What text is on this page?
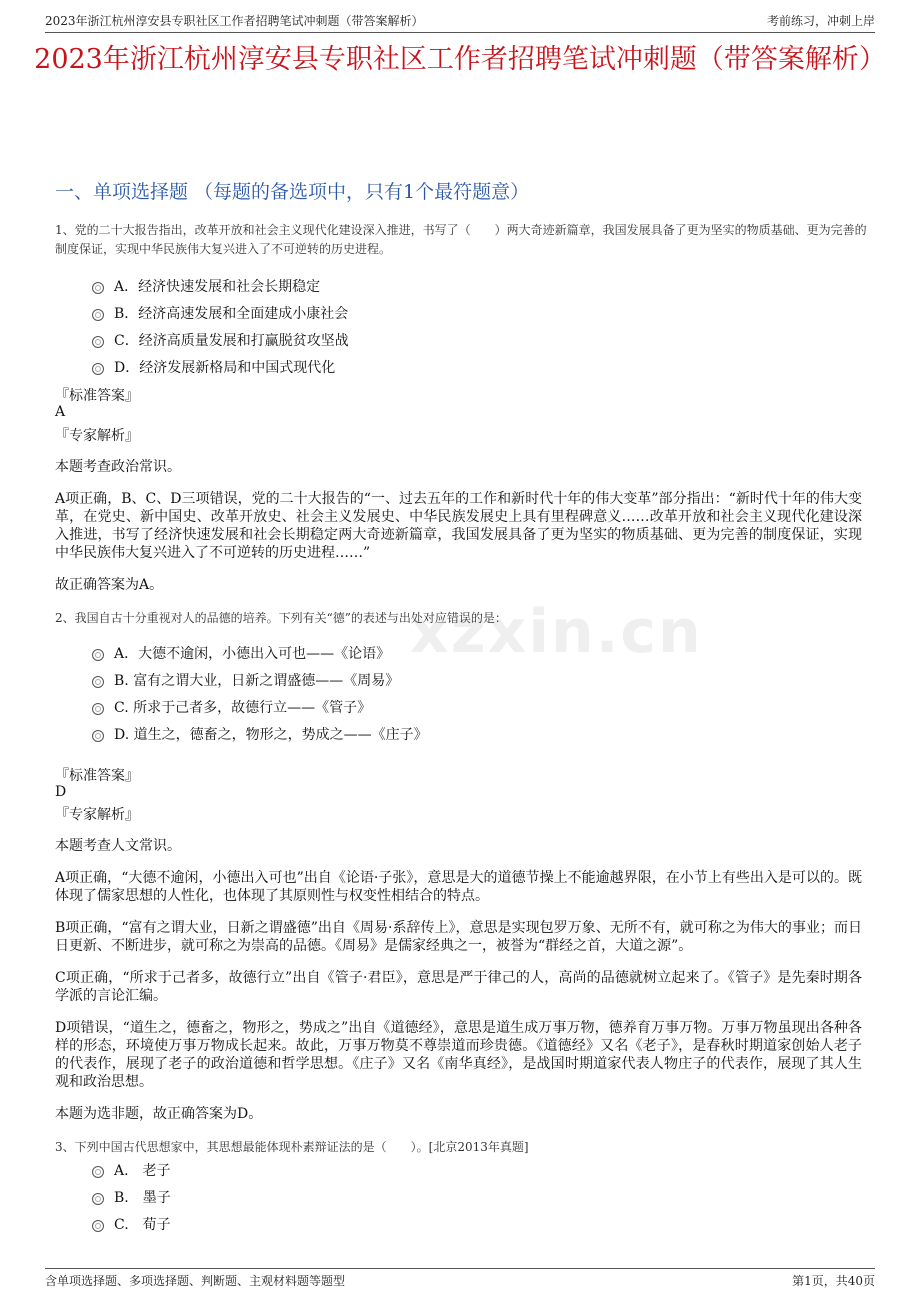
2023年浙江杭州淳安县专职社区工作者招聘笔试冲刺题（带答案解析）	考前练习，冲刺上岸
2023年浙江杭州淳安县专职社区工作者招聘笔试冲刺题（带答案解析）
一、单项选择题 （每题的备选项中，只有1个最符题意）
xzxin.cn
1、党的二十大报告指出，改革开放和社会主义现代化建设深入推进，书写了（　　）两大奇迹新篇章，我国发展具备了更为坚实的物质基础、更为完善的制度保证，实现中华民族伟大复兴进入了不可逆转的历史进程。
A．经济快速发展和社会长期稳定
B．经济高速发展和全面建成小康社会
C．经济高质量发展和打赢脱贫攻坚战
D．经济发展新格局和中国式现代化
『标准答案』
A
『专家解析』
本题考查政治常识。
A项正确，B、C、D三项错误，党的二十大报告的“一、过去五年的工作和新时代十年的伟大变革”部分指出：“新时代十年的伟大变革，在党史、新中国史、改革开放史、社会主义发展史、中华民族发展史上具有里程碑意义……改革开放和社会主义现代化建设深入推进，书写了经济快速发展和社会长期稳定两大奇迹新篇章，我国发展具备了更为坚实的物质基础、更为完善的制度保证，实现中华民族伟大复兴进入了不可逆转的历史进程……”
故正确答案为A。
2、我国自古十分重视对人的品德的培养。下列有关“德”的表述与出处对应错误的是：
A．大德不逾闲，小德出入可也——《论语》
B. 富有之谓大业，日新之谓盛德——《周易》
C. 所求于己者多，故德行立——《管子》
D. 道生之，德畜之，物形之，势成之——《庄子》
『标准答案』
D
『专家解析』
本题考查人文常识。
A项正确，“大德不逾闲，小德出入可也”出自《论语·子张》，意思是大的道德节操上不能逾越界限，在小节上有些出入是可以的。既体现了儒家思想的人性化，也体现了其原则性与权变性相结合的特点。
B项正确，“富有之谓大业，日新之谓盛德”出自《周易·系辞传上》，意思是实现包罗万象、无所不有，就可称之为伟大的事业；而日日更新、不断进步，就可称之为崇高的品德。《周易》是儒家经典之一，被誉为“群经之首，大道之源”。
C项正确，“所求于己者多，故德行立”出自《管子·君臣》，意思是严于律己的人，高尚的品德就树立起来了。《管子》是先秦时期各学派的言论汇编。
D项错误，“道生之，德畜之，物形之，势成之”出自《道德经》，意思是道生成万事万物，德养育万事万物。万事万物虽现出各种各样的形态，环境使万事万物成长起来。故此，万事万物莫不尊崇道而珍贵德。《道德经》又名《老子》，是春秋时期道家创始人老子的代表作，展现了老子的政治道德和哲学思想。《庄子》又名《南华真经》，是战国时期道家代表人物庄子的代表作，展现了其人生观和政治思想。
本题为选非题，故正确答案为D。
3、下列中国古代思想家中，其思想最能体现朴素辩证法的是（　　）。[北京2013年真题]
A.　老子
B.　墨子
C.　荀子
含单项选择题、多项选择题、判断题、主观材料题等题型	第1页，共40页
